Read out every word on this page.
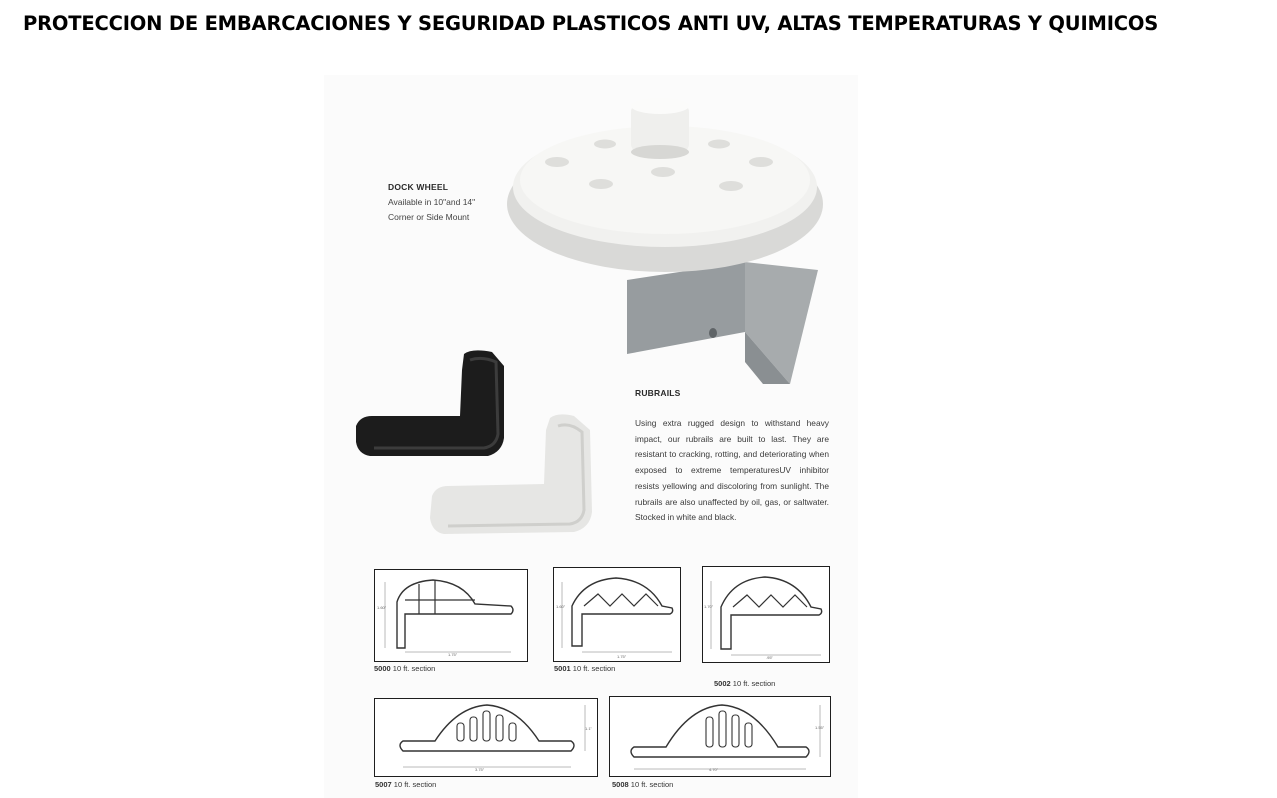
PROTECCION DE EMBARCACIONES Y SEGURIDAD PLASTICOS ANTI UV, ALTAS TEMPERATURAS Y QUIMICOS
DOCK WHEEL
Available in 10"and 14"
Corner or Side Mount
RUBRAILS
Using extra rugged design to withstand heavy impact, our rubrails are built to last. They are resistant to cracking, rotting, and deteriorating when exposed to extreme temperaturesUV inhibitor resists yellowing and discoloring from sunlight. The rubrails are also unaffected by oil, gas, or saltwater. Stocked in white and black.
1.60"
1.75"
5000 10 ft. section
1.60"
1.75"
5001 10 ft. section
1.70"
.95"
5002 10 ft. section
1.1"
3.75"
5007 10 ft. section
1.55"
4.70"
5008 10 ft. section
